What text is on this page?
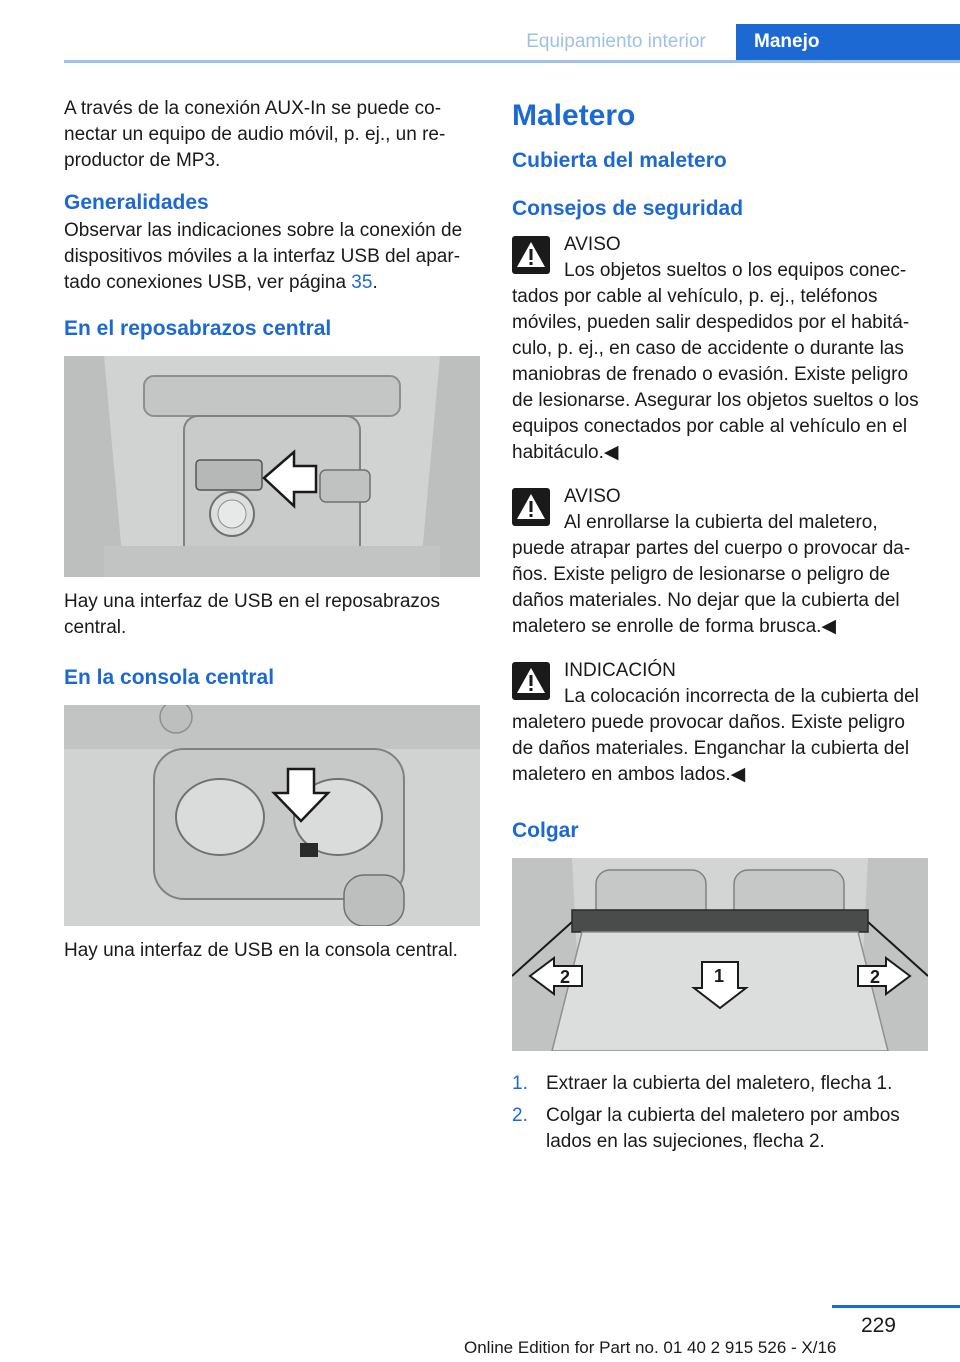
Equipamiento interior	Manejo

A través de la conexión AUX-In se puede conectar un equipo de audio móvil, p. ej., un reproductor de MP3.

Generalidades

Observar las indicaciones sobre la conexión de dispositivos móviles a la interfaz USB del apartado conexiones USB, ver página 35.

En el reposabrazos central

Hay una interfaz de USB en el reposabrazos central.

En la consola central

Hay una interfaz de USB en la consola central.

Maletero
Cubierta del maletero
Consejos de seguridad
AVISO

Los objetos sueltos o los equipos conectados por cable al vehículo, p. ej., teléfonos móviles, pueden salir despedidos por el habitáculo, p. ej., en caso de accidente o durante las maniobras de frenado o evasión. Existe peligro de lesionarse. Asegurar los objetos sueltos o los equipos conectados por cable al vehículo en el habitáculo.◀

AVISO

Al enrollarse la cubierta del maletero, puede atrapar partes del cuerpo o provocar daños. Existe peligro de lesionarse o peligro de daños materiales. No dejar que la cubierta del maletero se enrolle de forma brusca.◀

INDICACIÓN

La colocación incorrecta de la cubierta del maletero puede provocar daños. Existe peligro de daños materiales. Enganchar la cubierta del maletero en ambos lados.◀

Colgar
2	1	2
1. Extraer la cubierta del maletero, flecha 1.
2. Colgar la cubierta del maletero por ambos lados en las sujeciones, flecha 2.
229
Online Edition for Part no. 01 40 2 915 526 - X/16
